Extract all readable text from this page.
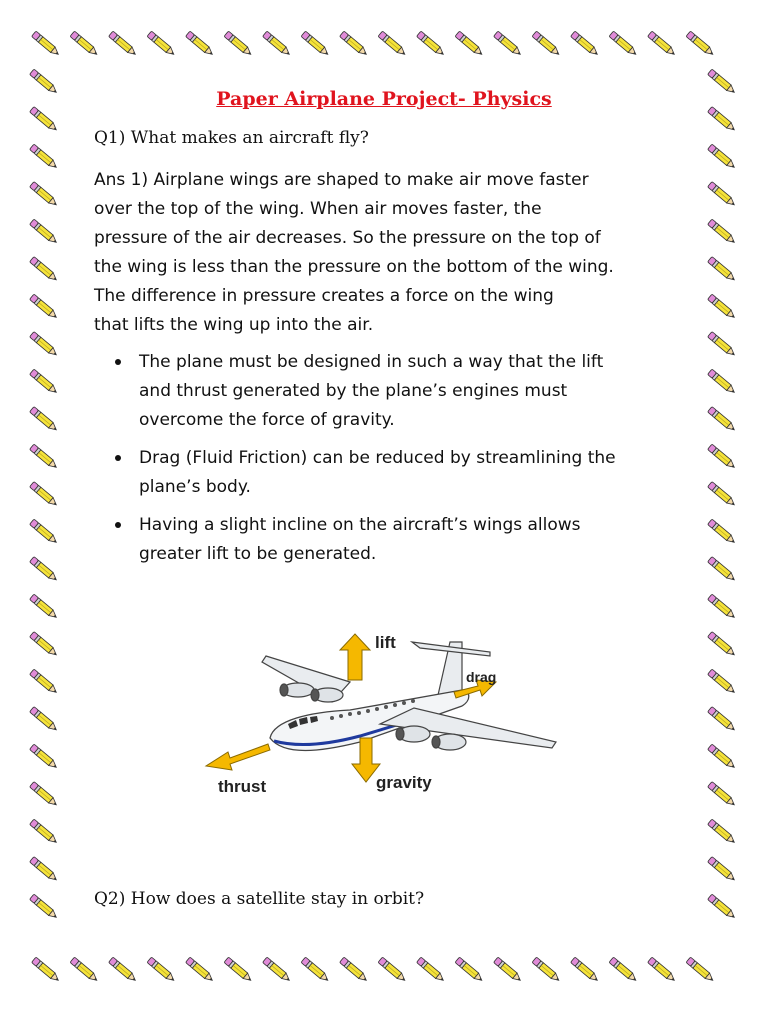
Paper Airplane Project- Physics

Q1) What makes an aircraft fly?

Ans 1) Airplane wings are shaped to make air move faster
over the top of the wing. When air moves faster, the
pressure of the air decreases. So the pressure on the top of
the wing is less than the pressure on the bottom of the wing.
The difference in pressure creates a force on the wing
that lifts the wing up into the air.

The plane must be designed in such a way that the lift
and thrust generated by the plane’s engines must
overcome the force of gravity.
Drag (Fluid Friction) can be reduced by streamlining the
plane’s body.
Having a slight incline on the aircraft’s wings allows
greater lift to be generated.
lift
drag
thrust	gravity

Q2) How does a satellite stay in orbit?
